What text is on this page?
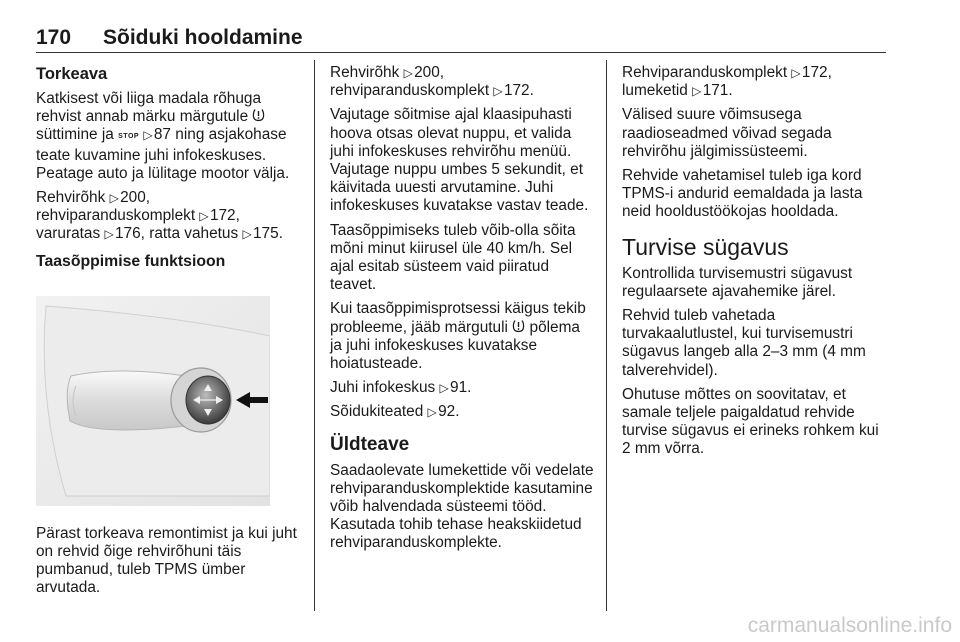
170 Sõiduki hooldamine
Torkeava

Katkisest või liiga madala rõhuga rehvist annab märku märgutule  süttimine ja STOP ▷ 87 ning asjakohase teate kuvamine juhi infokeskuses. Peatage auto ja lülitage mootor välja.

Rehvirõhk ▷ 200, rehviparanduskomplekt ▷ 172, varuratas ▷ 176, ratta vahetus ▷ 175.

Taasõppimise funktsioon

Pärast torkeava remontimist ja kui juht on rehvid õige rehvirõhuni täis pumbanud, tuleb TPMS ümber arvutada.

Rehvirõhk ▷ 200, rehviparanduskomplekt ▷ 172.

Vajutage sõitmise ajal klaasipuhasti hoova otsas olevat nuppu, et valida juhi infokeskuses rehvirõhu menüü. Vajutage nuppu umbes 5 sekundit, et käivitada uuesti arvutamine. Juhi infokeskuses kuvatakse vastav teade.

Taasõppimiseks tuleb võib-olla sõita mõni minut kiirusel üle 40 km/h. Sel ajal esitab süsteem vaid piiratud teavet.

Kui taasõppimisprotsessi käigus tekib probleeme, jääb märgutuli  põlema ja juhi infokeskuses kuvatakse hoiatusteade.

Juhi infokeskus ▷ 91.

Sõidukiteated ▷ 92.

Üldteave

Saadaolevate lumekettide või vedelate rehviparanduskomplektide kasutamine võib halvendada süsteemi tööd. Kasutada tohib tehase heakskiidetud rehviparanduskomplekte.

Rehviparanduskomplekt ▷ 172, lumeketid ▷ 171.

Välised suure võimsusega raadioseadmed võivad segada rehvirõhu jälgimissüsteemi.

Rehvide vahetamisel tuleb iga kord TPMS-i andurid eemaldada ja lasta neid hooldustöökojas hooldada.

Turvise sügavus

Kontrollida turvisemustri sügavust regulaarsete ajavahemike järel.

Rehvid tuleb vahetada turvakaalutlustel, kui turvisemustri sügavus langeb alla 2–3 mm (4 mm talverehvidel).

Ohutuse mõttes on soovitatav, et samale teljele paigaldatud rehvide turvise sügavus ei erineks rohkem kui 2 mm võrra.

carmanualsonline.info
